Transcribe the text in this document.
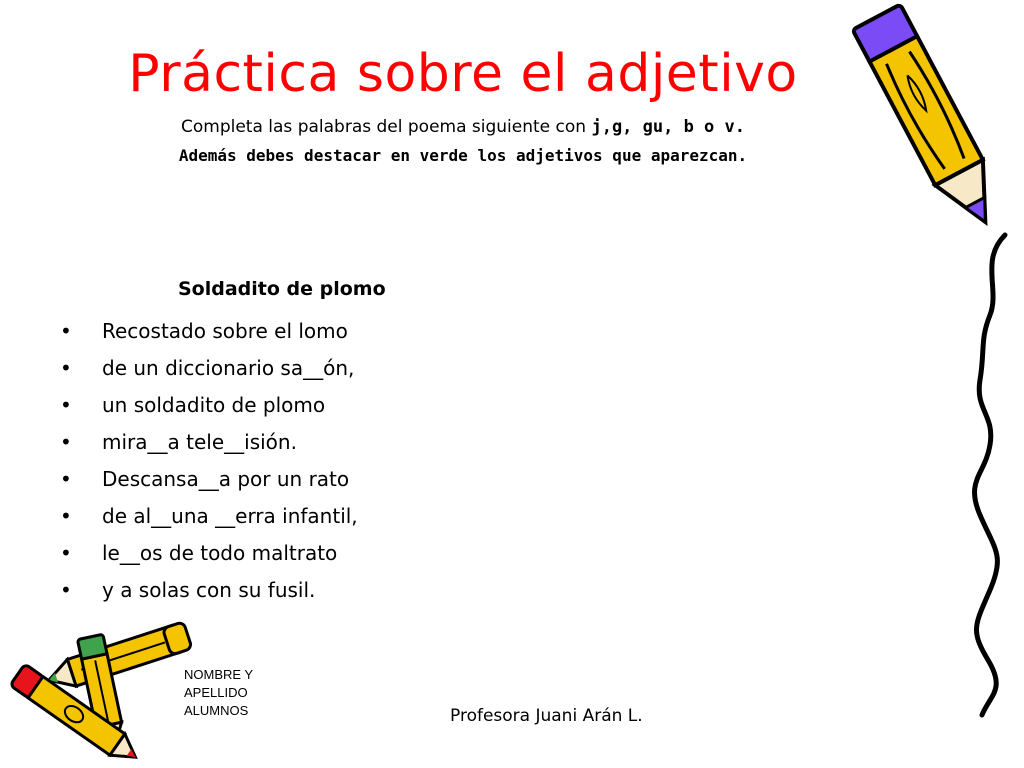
Práctica sobre el adjetivo
Completa las palabras del poema siguiente con j,g, gu, b o v.
Además debes destacar en verde los adjetivos que aparezcan.
Soldadito de plomo
• Recostado sobre el lomo
• de un diccionario sa__ón,
• un soldadito de plomo
• mira__a tele__isión.
• Descansa__a por un rato
• de al__una __erra infantil,
• le__os de todo maltrato
• y a solas con su fusil.
NOMBRE Y
APELLIDO
ALUMNOS	Profesora Juani Arán L.
